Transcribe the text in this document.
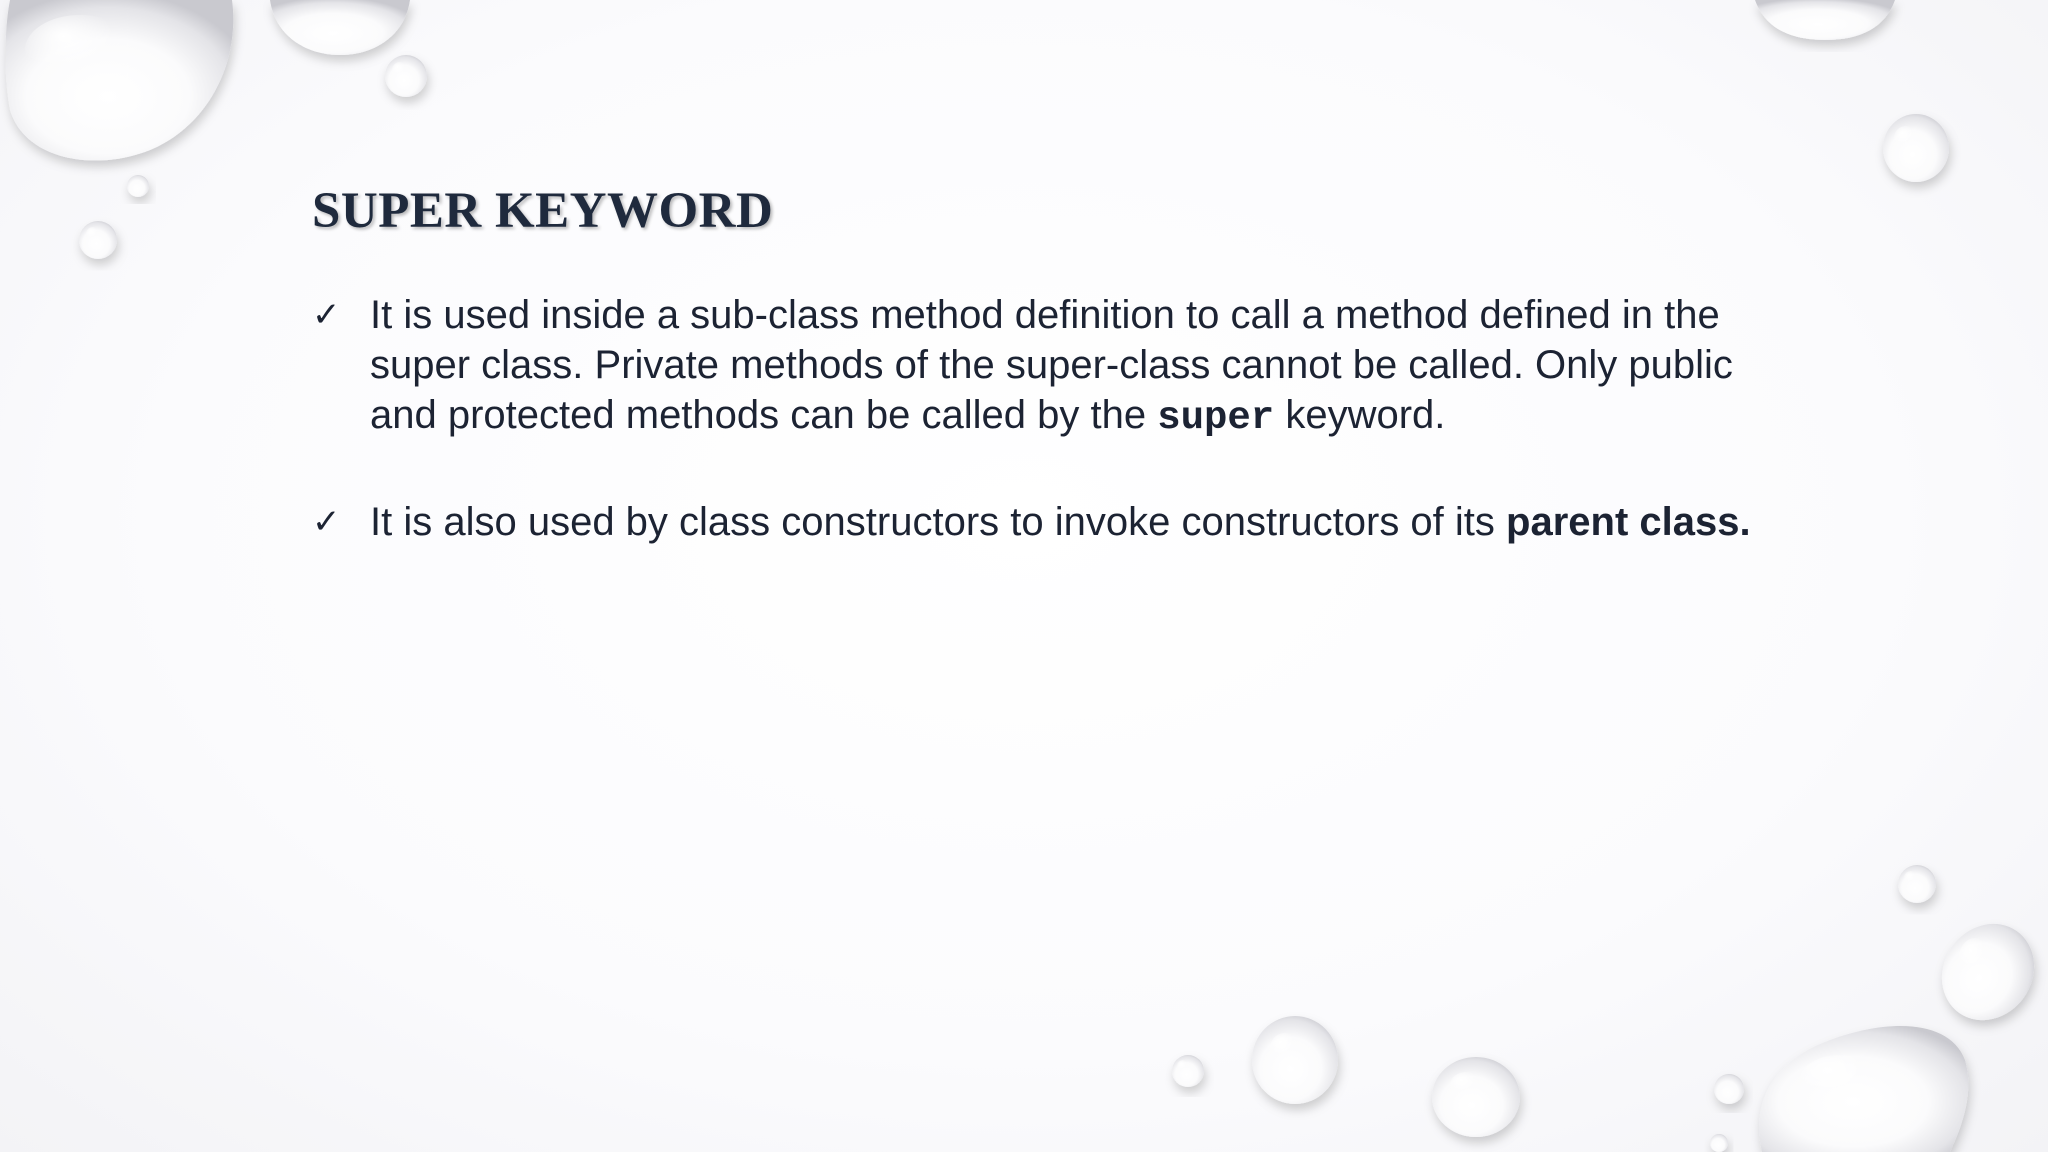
SUPER KEYWORD
✓ It is used inside a sub-class method definition to call a method defined in the super class. Private methods of the super-class cannot be called. Only public and protected methods can be called by the super keyword.
✓ It is also used by class constructors to invoke constructors of its parent class.
